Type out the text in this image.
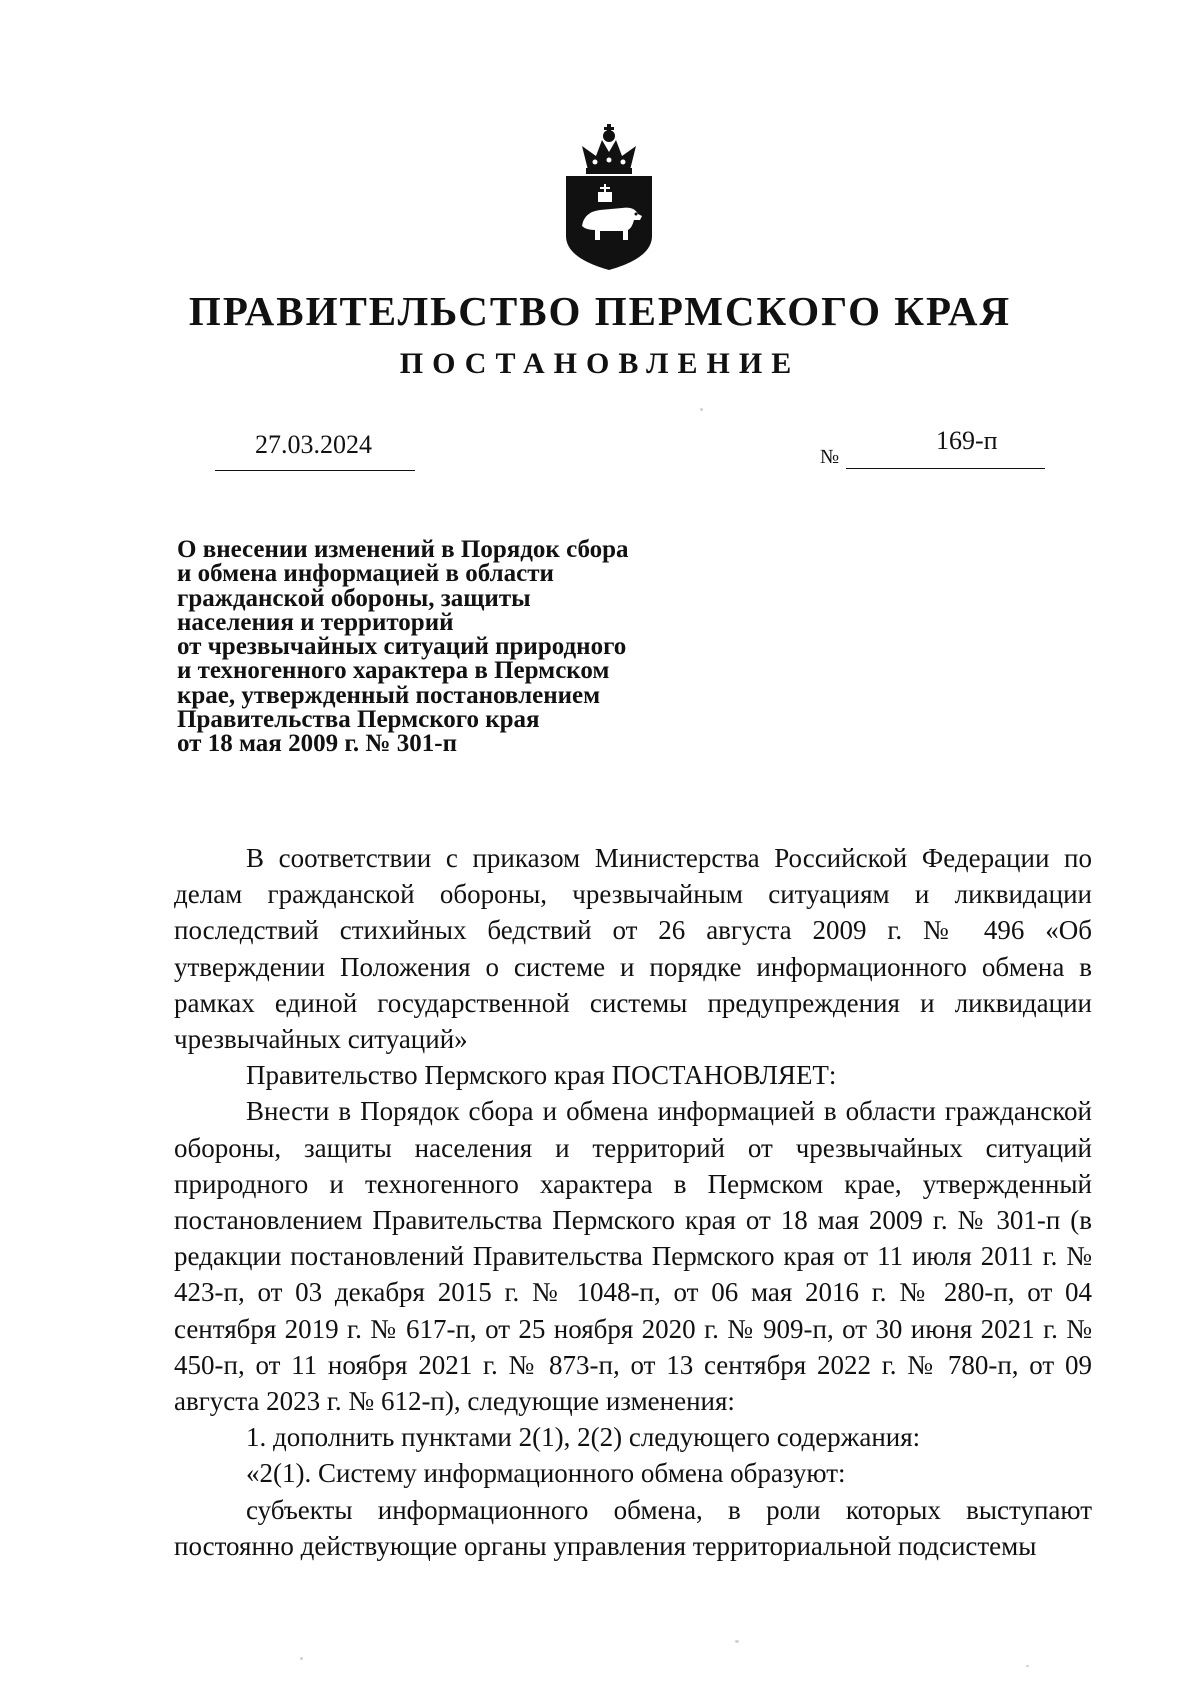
ПРАВИТЕЛЬСТВО ПЕРМСКОГО КРАЯ
ПОСТАНОВЛЕНИЕ
27.03.2024	№
169-п
О внесении изменений в Порядок сбора
и обмена информацией в области
гражданской обороны, защиты
населения и территорий
от чрезвычайных ситуаций природного
и техногенного характера в Пермском
крае, утвержденный постановлением
Правительства Пермского края
от 18 мая 2009 г. № 301-п

В соответствии с приказом Министерства Российской Федерации по делам гражданской обороны, чрезвычайным ситуациям и ликвидации последствий стихийных бедствий от 26 августа 2009 г. № 496 «Об утверждении Положения о системе и порядке информационного обмена в рамках единой государственной системы предупреждения и ликвидации чрезвычайных ситуаций»

Правительство Пермского края ПОСТАНОВЛЯЕТ:

Внести в Порядок сбора и обмена информацией в области гражданской обороны, защиты населения и территорий от чрезвычайных ситуаций природного и техногенного характера в Пермском крае, утвержденный постановлением Правительства Пермского края от 18 мая 2009 г. № 301-п (в редакции постановлений Правительства Пермского края от 11 июля 2011 г. № 423-п, от 03 декабря 2015 г. № 1048-п, от 06 мая 2016 г. № 280-п, от 04 сентября 2019 г. № 617-п, от 25 ноября 2020 г. № 909-п, от 30 июня 2021 г. № 450-п, от 11 ноября 2021 г. № 873-п, от 13 сентября 2022 г. № 780-п, от 09 августа 2023 г. № 612-п), следующие изменения:

1. дополнить пунктами 2(1), 2(2) следующего содержания:

«2(1). Систему информационного обмена образуют:

субъекты информационного обмена, в роли которых выступают постоянно действующие органы управления территориальной подсистемы
